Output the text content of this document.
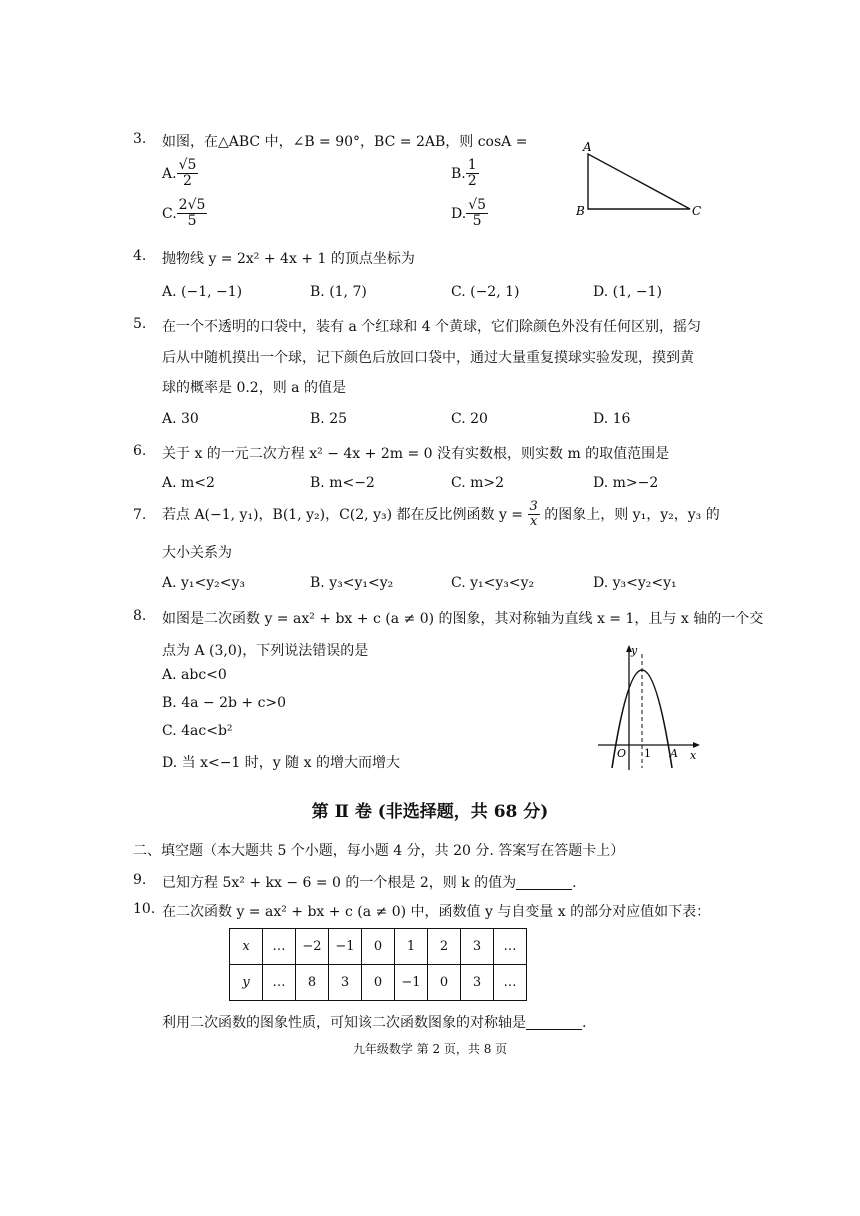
3. 如图，在△ABC 中，∠B = 90°，BC = 2AB，则 cosA =
A. $\frac{√5}{2}$	B. $\frac{1}{2}$
C. $\frac{2√5}{5}$	D. $\frac{√5}{5}$
A
B	C
4. 抛物线 y = 2x² + 4x + 1 的顶点坐标为
A. (−1, −1)	B. (1, 7)	C. (−2, 1)	D. (1, −1)
5. 在一个不透明的口袋中，装有 a 个红球和 4 个黄球，它们除颜色外没有任何区别，摇匀
后从中随机摸出一个球，记下颜色后放回口袋中，通过大量重复摸球实验发现，摸到黄
球的概率是 0.2，则 a 的值是
A. 30	B. 25	C. 20	D. 16
6. 关于 x 的一元二次方程 x² − 4x + 2m = 0 没有实数根，则实数 m 的取值范围是
A. m<2	B. m<−2	C. m>2	D. m>−2
7. 若点 A(−1, y₁)，B(1, y₂)，C(2, y₃) 都在反比例函数 $y = \frac{3}{x}$ 的图象上，则 y₁，y₂，y₃ 的
大小关系为
A. y₁<y₂<y₃	B. y₃<y₁<y₂	C. y₁<y₃<y₂	D. y₃<y₂<y₁
8. 如图是二次函数 y = ax² + bx + c (a ≠ 0) 的图象，其对称轴为直线 x = 1，且与 x 轴的一个交
点为 A (3,0)，下列说法错误的是
A. abc<0
B. 4a − 2b + c>0
C. 4ac<b²
D. 当 x<−1 时，y 随 x 的增大而增大
y
x
O 1 A
第 Ⅱ 卷 (非选择题，共 68 分)
二、填空题（本大题共 5 个小题，每小题 4 分，共 20 分. 答案写在答题卡上）
9. 已知方程 5x² + kx − 6 = 0 的一个根是 2，则 k 的值为	.
10. 在二次函数 y = ax² + bx + c (a ≠ 0) 中，函数值 y 与自变量 x 的部分对应值如下表：
x	…	−2	−1	0	1	2	3	…
y	…	8	3	0	−1	0	3	…
利用二次函数的图象性质，可知该二次函数图象的对称轴是	.
九年级数学 第 2 页，共 8 页
